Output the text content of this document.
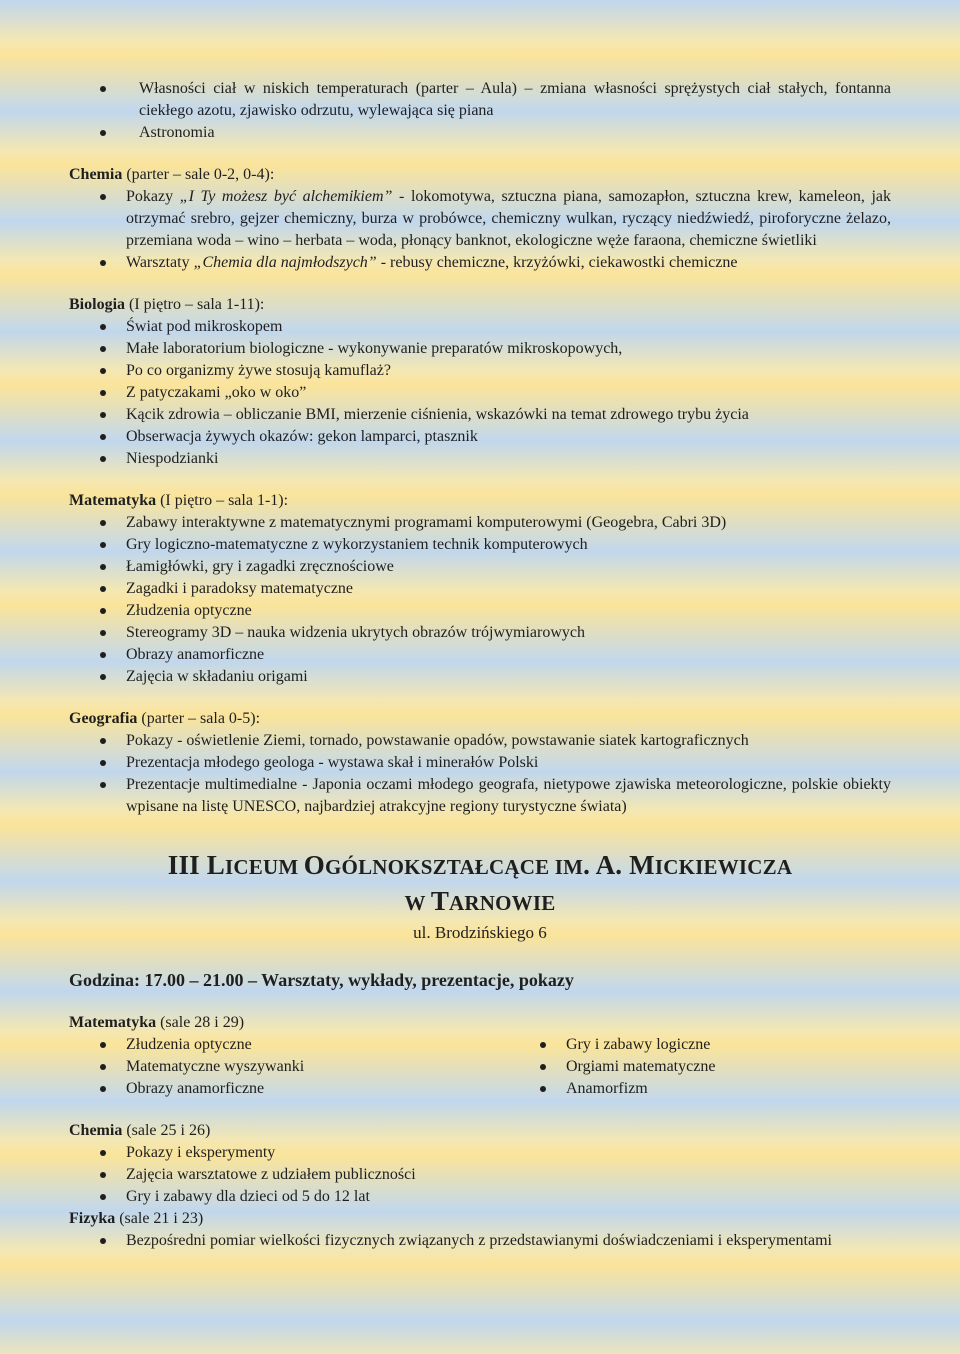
Własności ciał w niskich temperaturach (parter – Aula) – zmiana własności sprężystych ciał stałych, fontanna ciekłego azotu, zjawisko odrzutu, wylewająca się piana
Astronomia
Chemia (parter – sale 0-2, 0-4):
Pokazy „I Ty możesz być alchemikiem” - lokomotywa, sztuczna piana, samozapłon, sztuczna krew, kameleon, jak otrzymać srebro, gejzer chemiczny, burza w probówce, chemiczny wulkan, ryczący niedźwiedź, piroforyczne żelazo, przemiana woda – wino – herbata – woda, płonący banknot, ekologiczne węże faraona, chemiczne świetliki
Warsztaty „Chemia dla najmłodszych” - rebusy chemiczne, krzyżówki, ciekawostki chemiczne
Biologia (I piętro – sala 1-11):
Świat pod mikroskopem
Małe laboratorium biologiczne - wykonywanie preparatów mikroskopowych,
Po co organizmy żywe stosują kamuflaż?
Z patyczakami „oko w oko”
Kącik zdrowia – obliczanie BMI, mierzenie ciśnienia, wskazówki na temat zdrowego trybu życia
Obserwacja żywych okazów: gekon lamparci, ptasznik
Niespodzianki
Matematyka (I piętro – sala 1-1):
Zabawy interaktywne z matematycznymi programami komputerowymi (Geogebra, Cabri 3D)
Gry logiczno-matematyczne z wykorzystaniem technik komputerowych
Łamigłówki, gry i zagadki zręcznościowe
Zagadki i paradoksy matematyczne
Złudzenia optyczne
Stereogramy 3D – nauka widzenia ukrytych obrazów trójwymiarowych
Obrazy anamorficzne
Zajęcia w składaniu origami
Geografia (parter – sala 0-5):
Pokazy - oświetlenie Ziemi, tornado, powstawanie opadów, powstawanie siatek kartograficznych
Prezentacja młodego geologa - wystawa skał i minerałów Polski
Prezentacje multimedialne - Japonia oczami młodego geografa, nietypowe zjawiska meteorologiczne, polskie obiekty wpisane na listę UNESCO, najbardziej atrakcyjne regiony turystyczne świata)
III LICEUM OGÓLNOKSZTAŁCĄCE IM. A. MICKIEWICZA
W TARNOWIE
ul. Brodzińskiego 6
Godzina: 17.00 – 21.00 – Warsztaty, wykłady, prezentacje, pokazy
Matematyka (sale 28 i 29)
Złudzenia optyczne
Matematyczne wyszywanki
Obrazy anamorficzne
Gry i zabawy logiczne
Orgiami matematyczne
Anamorfizm
Chemia (sale 25 i 26)
Pokazy i eksperymenty
Zajęcia warsztatowe z udziałem publiczności
Gry i zabawy dla dzieci od 5 do 12 lat
Fizyka (sale 21 i 23)
Bezpośredni pomiar wielkości fizycznych związanych z przedstawianymi doświadczeniami i eksperymentami
